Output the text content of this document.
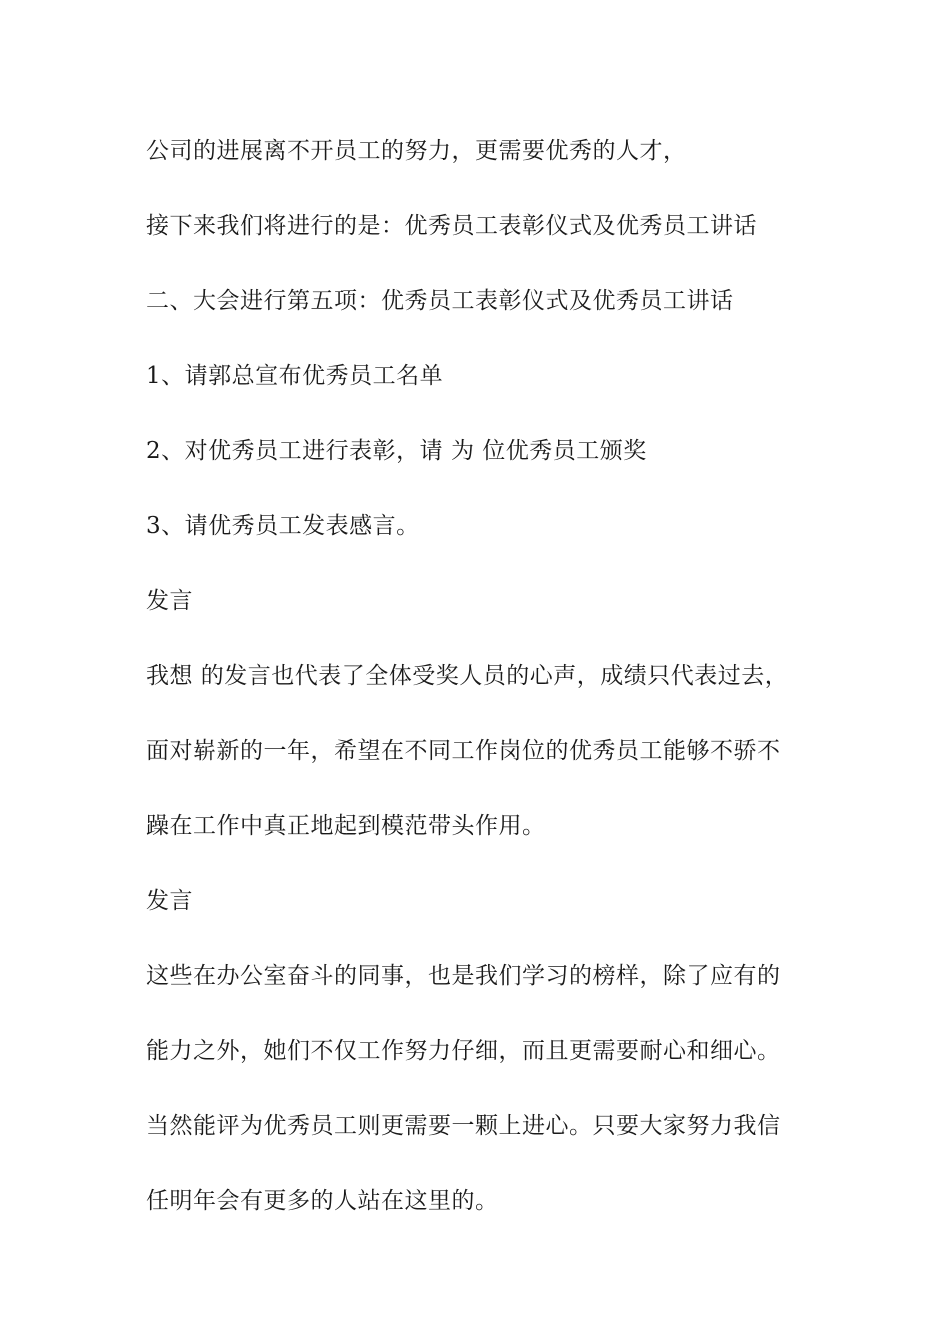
公司的进展离不开员工的努力，更需要优秀的人才，
接下来我们将进行的是：优秀员工表彰仪式及优秀员工讲话
二、大会进行第五项：优秀员工表彰仪式及优秀员工讲话
1、请郭总宣布优秀员工名单
2、对优秀员工进行表彰，请 为 位优秀员工颁奖
3、请优秀员工发表感言。
发言
我想 的发言也代表了全体受奖人员的心声，成绩只代表过去，
面对崭新的一年，希望在不同工作岗位的优秀员工能够不骄不
躁在工作中真正地起到模范带头作用。
发言
这些在办公室奋斗的同事，也是我们学习的榜样，除了应有的
能力之外，她们不仅工作努力仔细，而且更需要耐心和细心。
当然能评为优秀员工则更需要一颗上进心。只要大家努力我信
任明年会有更多的人站在这里的。
